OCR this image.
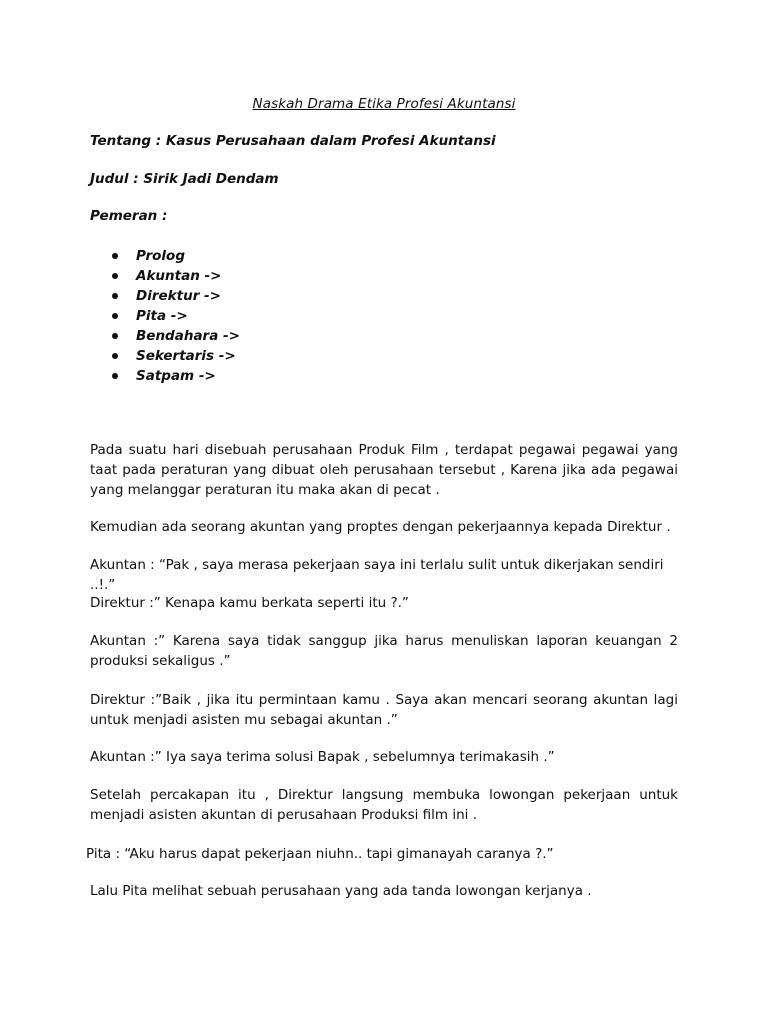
Naskah Drama Etika Profesi Akuntansi
Tentang : Kasus Perusahaan dalam Profesi Akuntansi
Judul : Sirik Jadi Dendam
Pemeran :
Prolog
Akuntan ->
Direktur ->
Pita ->
Bendahara ->
Sekertaris ->
Satpam ->

Pada suatu hari disebuah perusahaan Produk Film , terdapat pegawai pegawai yang taat pada peraturan yang dibuat oleh perusahaan tersebut , Karena jika ada pegawai yang melanggar peraturan itu maka akan di pecat .

Kemudian ada seorang akuntan yang proptes dengan pekerjaannya kepada Direktur .

Akuntan : “Pak , saya merasa pekerjaan saya ini terlalu sulit untuk dikerjakan sendiri ..!.”

Direktur :” Kenapa kamu berkata seperti itu ?.”

Akuntan :” Karena saya tidak sanggup jika harus menuliskan laporan keuangan 2 produksi sekaligus .”

Direktur :”Baik , jika itu permintaan kamu . Saya akan mencari seorang akuntan lagi untuk menjadi asisten mu sebagai akuntan .”

Akuntan :” Iya saya terima solusi Bapak , sebelumnya terimakasih .”

Setelah percakapan itu , Direktur langsung membuka lowongan pekerjaan untuk menjadi asisten akuntan di perusahaan Produksi film ini .

Pita : “Aku harus dapat pekerjaan niuhn.. tapi gimanayah caranya ?.”

Lalu Pita melihat sebuah perusahaan yang ada tanda lowongan kerjanya .
